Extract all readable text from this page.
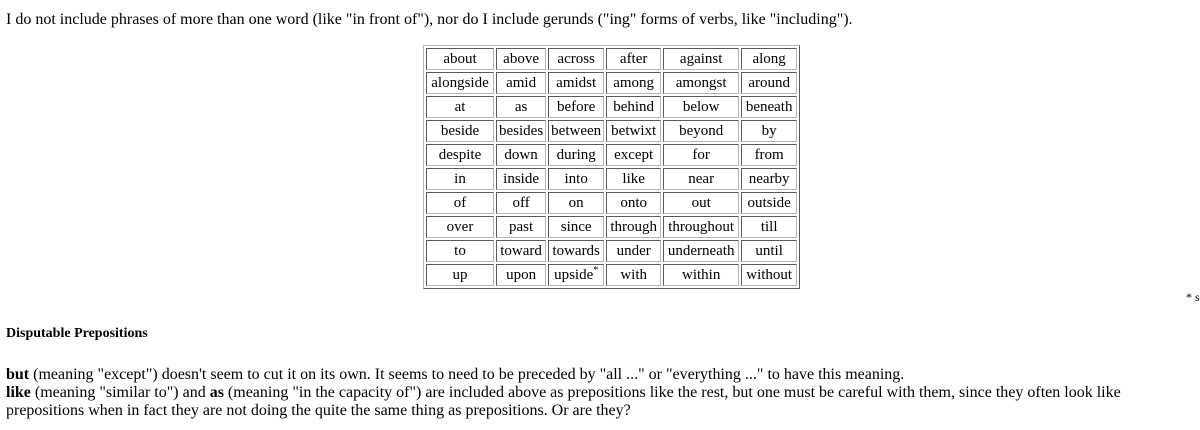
I do not include phrases of more than one word (like "in front of"), nor do I include gerunds ("ing" forms of verbs, like "including").
about	above	across	after	against	along
alongside	amid	amidst	among	amongst	around
at	as	before	behind	below	beneath
beside	besides	between	betwixt	beyond	by
despite	down	during	except	for	from
in	inside	into	like	near	nearby
of	off	on	onto	out	outside
over	past	since	through	throughout	till
to	toward	towards	under	underneath	until
up	upon	upside*	with	within	without
* s
Disputable Prepositions

but (meaning "except") doesn't seem to cut it on its own. It seems to need to be preceded by "all ..." or "everything ..." to have this meaning.

like (meaning "similar to") and as (meaning "in the capacity of") are included above as prepositions like the rest, but one must be careful with them, since they often look like prepositions when in fact they are not doing the quite the same thing as prepositions. Or are they?
